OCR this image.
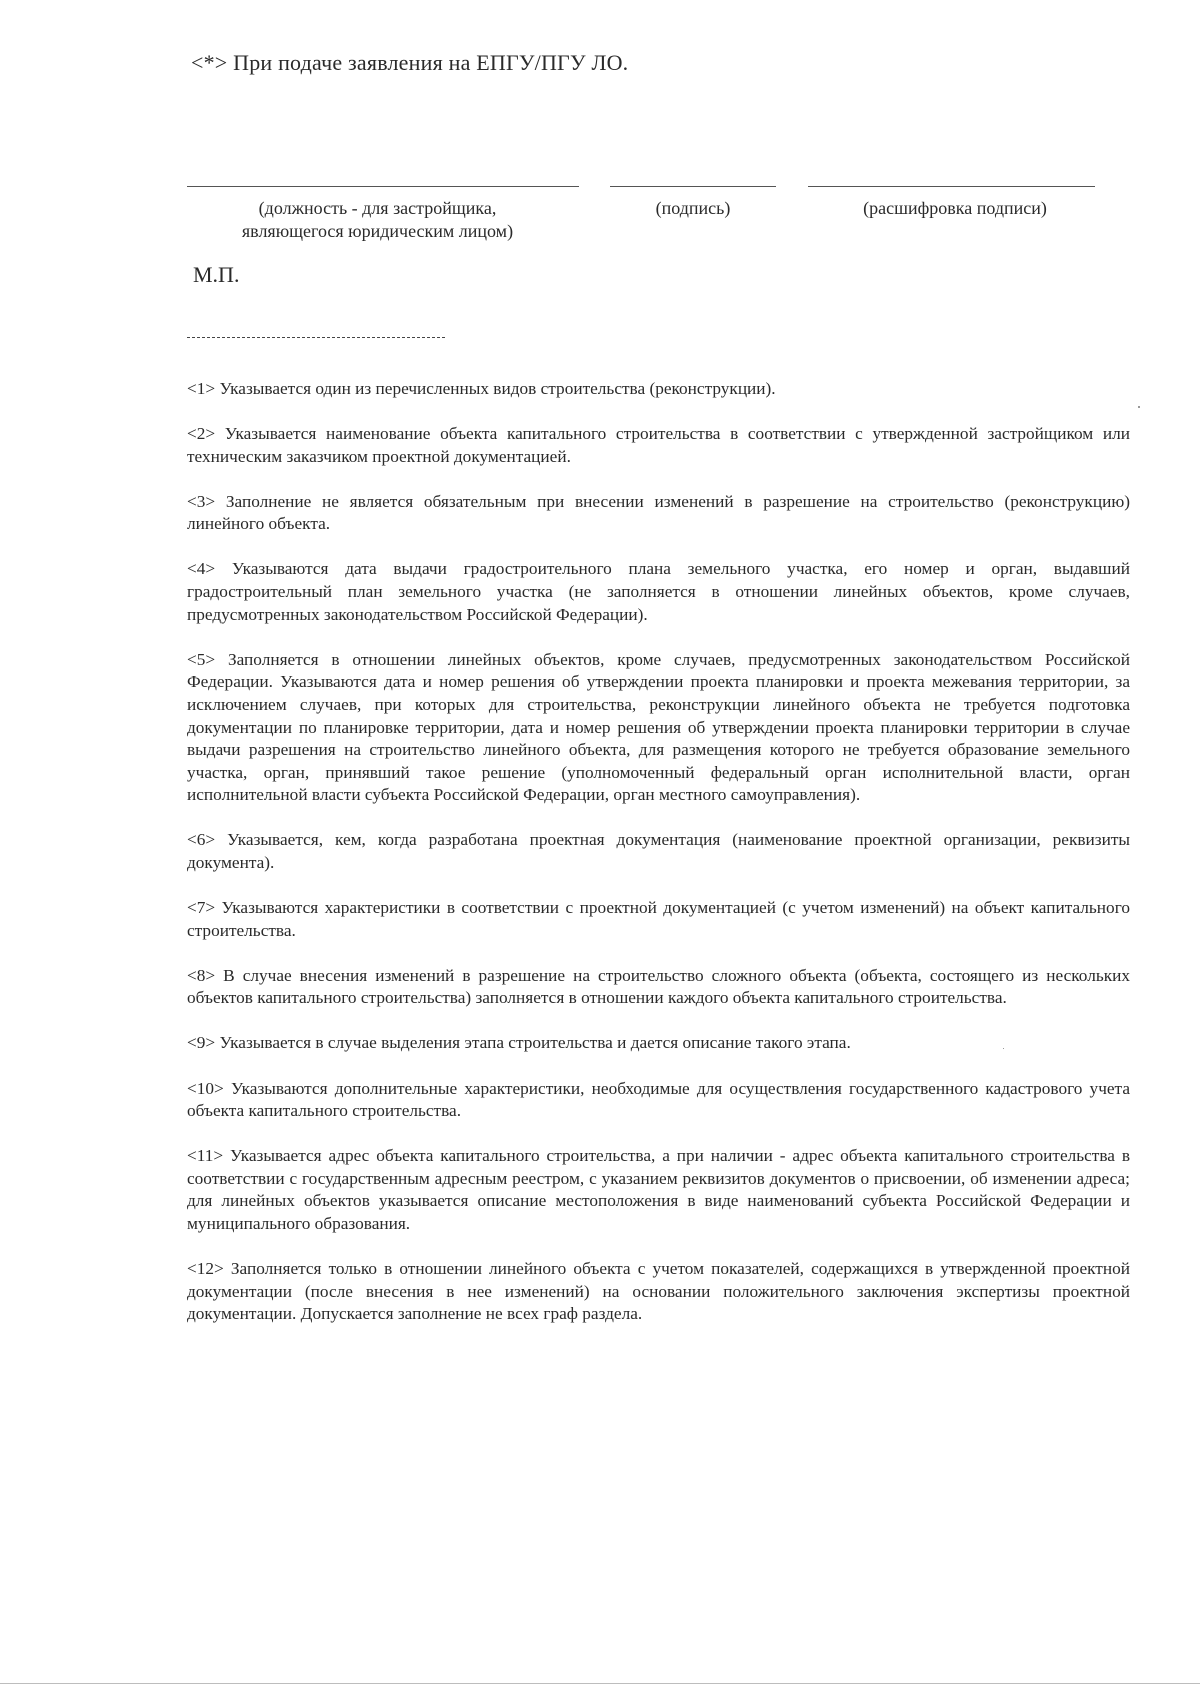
<*> При подаче заявления на ЕПГУ/ПГУ ЛО.
(должность - для застройщика,
являющегося юридическим лицом)
(подпись)	(расшифровка подписи)
М.П.

<1> Указывается один из перечисленных видов строительства (реконструкции).

<2> Указывается наименование объекта капитального строительства в соответствии с утвержденной застройщиком или техническим заказчиком проектной документацией.

<3> Заполнение не является обязательным при внесении изменений в разрешение на строительство (реконструкцию) линейного объекта.

<4> Указываются дата выдачи градостроительного плана земельного участка, его номер и орган, выдавший градостроительный план земельного участка (не заполняется в отношении линейных объектов, кроме случаев, предусмотренных законодательством Российской Федерации).

<5> Заполняется в отношении линейных объектов, кроме случаев, предусмотренных законодательством Российской Федерации. Указываются дата и номер решения об утверждении проекта планировки и проекта межевания территории, за исключением случаев, при которых для строительства, реконструкции линейного объекта не требуется подготовка документации по планировке территории, дата и номер решения об утверждении проекта планировки территории в случае выдачи разрешения на строительство линейного объекта, для размещения которого не требуется образование земельного участка, орган, принявший такое решение (уполномоченный федеральный орган исполнительной власти, орган исполнительной власти субъекта Российской Федерации, орган местного самоуправления).

<6> Указывается, кем, когда разработана проектная документация (наименование проектной организации, реквизиты документа).

<7> Указываются характеристики в соответствии с проектной документацией (с учетом изменений) на объект капитального строительства.

<8> В случае внесения изменений в разрешение на строительство сложного объекта (объекта, состоящего из нескольких объектов капитального строительства) заполняется в отношении каждого объекта капитального строительства.

<9> Указывается в случае выделения этапа строительства и дается описание такого этапа.

<10> Указываются дополнительные характеристики, необходимые для осуществления государственного кадастрового учета объекта капитального строительства.

<11> Указывается адрес объекта капитального строительства, а при наличии - адрес объекта капитального строительства в соответствии с государственным адресным реестром, с указанием реквизитов документов о присвоении, об изменении адреса; для линейных объектов указывается описание местоположения в виде наименований субъекта Российской Федерации и муниципального образования.

<12> Заполняется только в отношении линейного объекта с учетом показателей, содержащихся в утвержденной проектной документации (после внесения в нее изменений) на основании положительного заключения экспертизы проектной документации. Допускается заполнение не всех граф раздела.
